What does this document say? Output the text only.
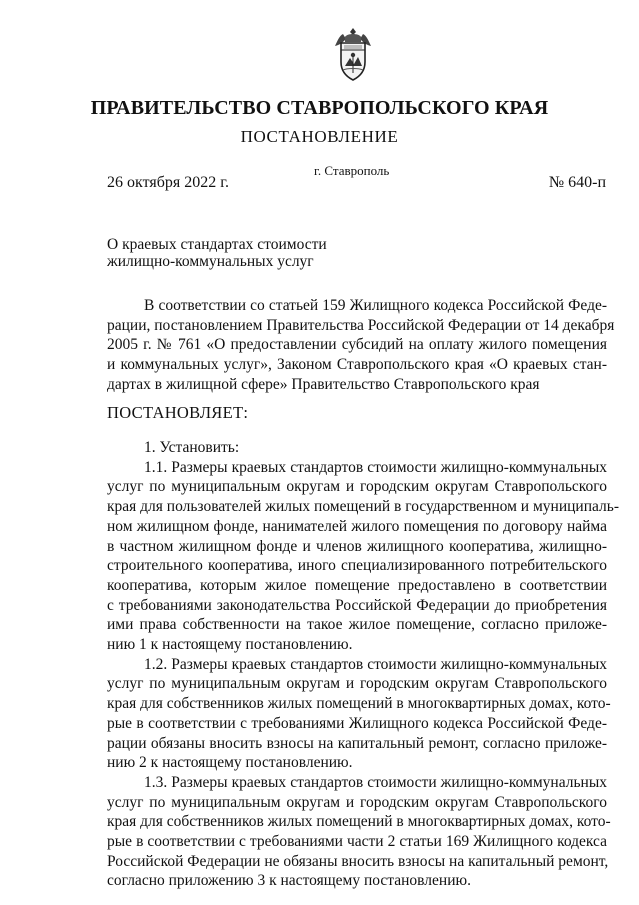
ПРАВИТЕЛЬСТВО СТАВРОПОЛЬСКОГО КРАЯ
ПОСТАНОВЛЕНИЕ
г. Ставрополь
26 октября 2022 г.	№ 640-п
О краевых стандартах стоимости
жилищно-коммунальных услуг
В соответствии со статьей 159 Жилищного кодекса Российской Феде-
рации, постановлением Правительства Российской Федерации от 14 декабря
2005 г. № 761 «О предоставлении субсидий на оплату жилого помещения
и коммунальных услуг», Законом Ставропольского края «О краевых стан-
дартах в жилищной сфере» Правительство Ставропольского края
ПОСТАНОВЛЯЕТ:
1. Установить:
1.1. Размеры краевых стандартов стоимости жилищно-коммунальных
услуг по муниципальным округам и городским округам Ставропольского
края для пользователей жилых помещений в государственном и муниципаль-
ном жилищном фонде, нанимателей жилого помещения по договору найма
в частном жилищном фонде и членов жилищного кооператива, жилищно-
строительного кооператива, иного специализированного потребительского
кооператива, которым жилое помещение предоставлено в соответствии
с требованиями законодательства Российской Федерации до приобретения
ими права собственности на такое жилое помещение, согласно приложе-
нию 1 к настоящему постановлению.
1.2. Размеры краевых стандартов стоимости жилищно-коммунальных
услуг по муниципальным округам и городским округам Ставропольского
края для собственников жилых помещений в многоквартирных домах, кото-
рые в соответствии с требованиями Жилищного кодекса Российской Феде-
рации обязаны вносить взносы на капитальный ремонт, согласно приложе-
нию 2 к настоящему постановлению.
1.3. Размеры краевых стандартов стоимости жилищно-коммунальных
услуг по муниципальным округам и городским округам Ставропольского
края для собственников жилых помещений в многоквартирных домах, кото-
рые в соответствии с требованиями части 2 статьи 169 Жилищного кодекса
Российской Федерации не обязаны вносить взносы на капитальный ремонт,
согласно приложению 3 к настоящему постановлению.
